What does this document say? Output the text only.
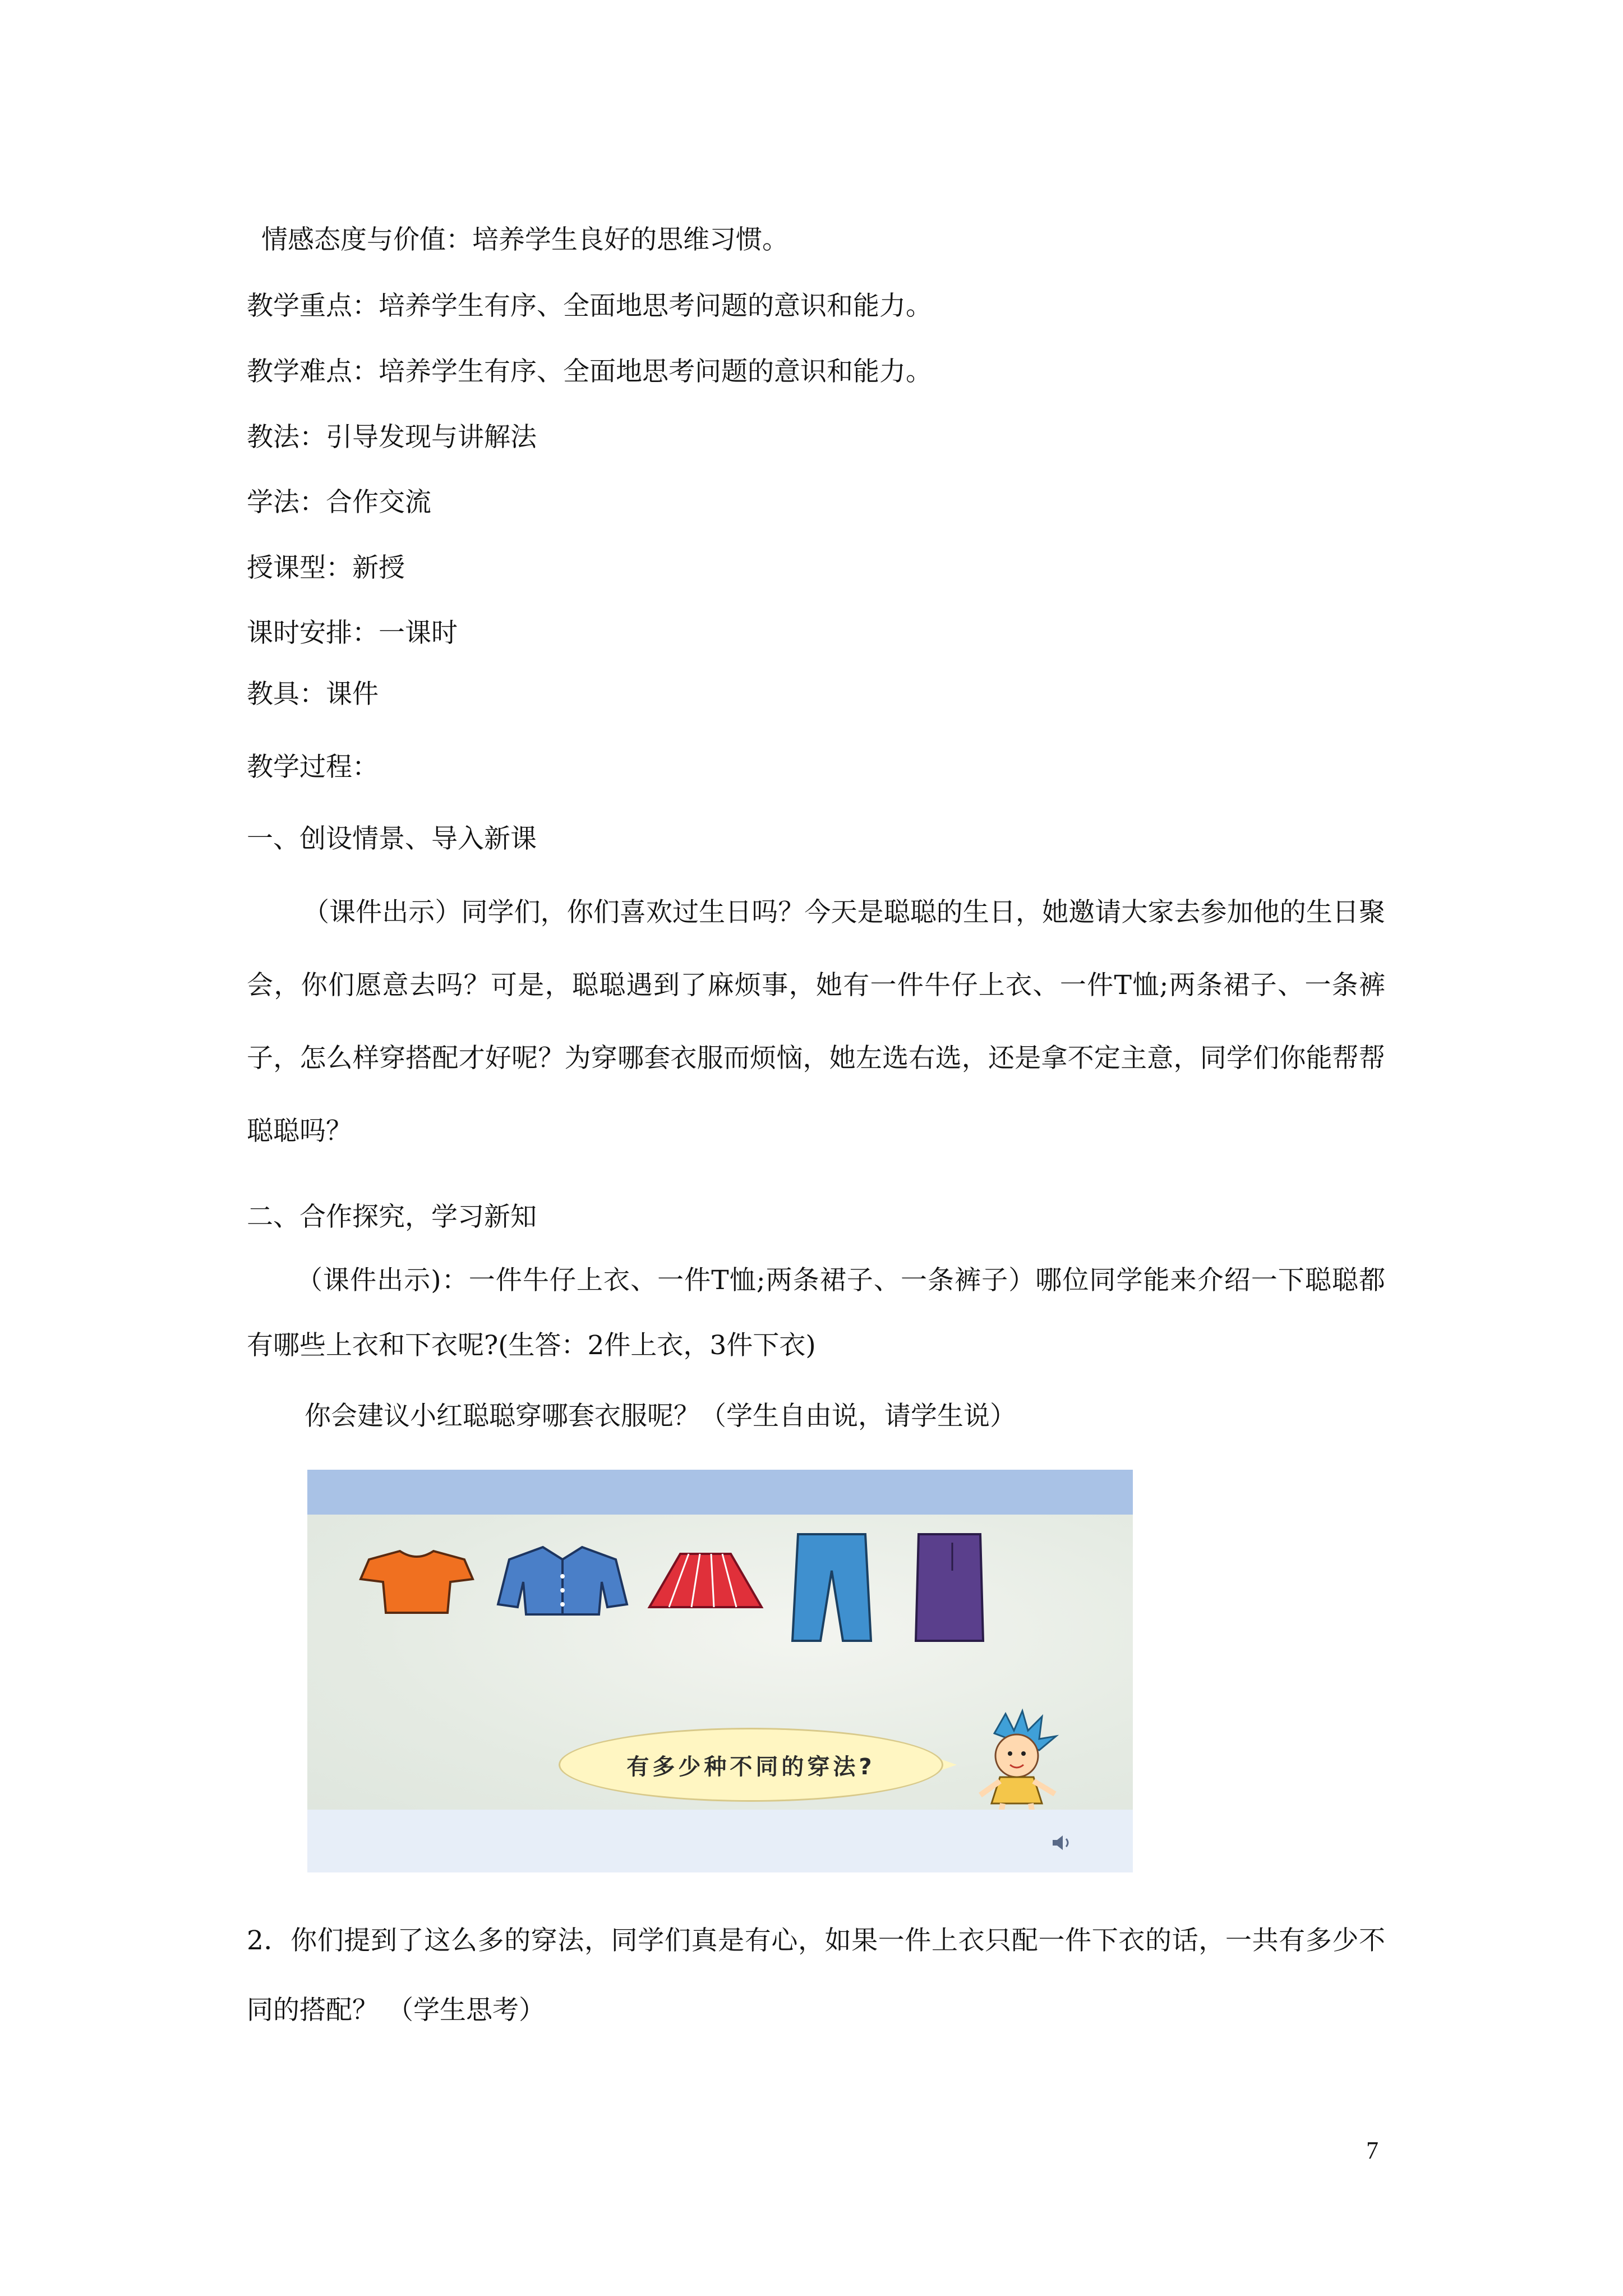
情感态度与价值：培养学生良好的思维习惯。
教学重点：培养学生有序、全面地思考问题的意识和能力。
教学难点：培养学生有序、全面地思考问题的意识和能力。
教法：引导发现与讲解法
学法：合作交流
授课型：新授
课时安排：一课时
教具：课件
教学过程：
一、创设情景、导入新课

（课件出示）同学们，你们喜欢过生日吗？今天是聪聪的生日，她邀请大家去参加他的生日聚会，你们愿意去吗？可是，聪聪遇到了麻烦事，她有一件牛仔上衣、一件T恤;两条裙子、一条裤子，怎么样穿搭配才好呢？为穿哪套衣服而烦恼，她左选右选，还是拿不定主意，同学们你能帮帮聪聪吗？

二、合作探究，学习新知

（课件出示)：一件牛仔上衣、一件T恤;两条裙子、一条裤子）哪位同学能来介绍一下聪聪都有哪些上衣和下衣呢?(生答：2件上衣，3件下衣)

你会建议小红聪聪穿哪套衣服呢？（学生自由说，请学生说）
有多少种不同的穿法?

2．你们提到了这么多的穿法，同学们真是有心，如果一件上衣只配一件下衣的话，一共有多少不同的搭配？ （学生思考）

7
